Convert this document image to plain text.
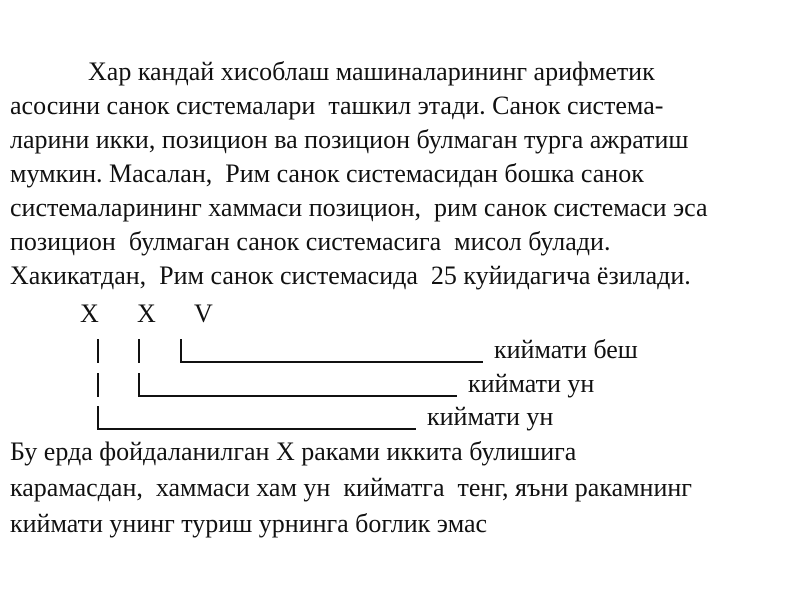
Хар кандай хисоблаш машиналарининг арифметик
асосини санок системалари  ташкил этади. Санок система-
ларини икки, позицион ва позицион булмаган турга ажратиш
мумкин. Масалан,  Рим санок системасидан бошка санок
системаларининг хаммаси позицион,  рим санок системаси эса
позицион  булмаган санок системасига  мисол булади.
Хакикатдан,  Рим санок системасида  25 куйидагича ёзилади.
X X V
киймати беш
киймати ун
киймати ун
Бу ерда фойдаланилган X раками иккита булишига
карамасдан,  хаммаси хам ун  кийматга  тенг, яъни ракамнинг
киймати унинг туриш урнинга боглик эмас
